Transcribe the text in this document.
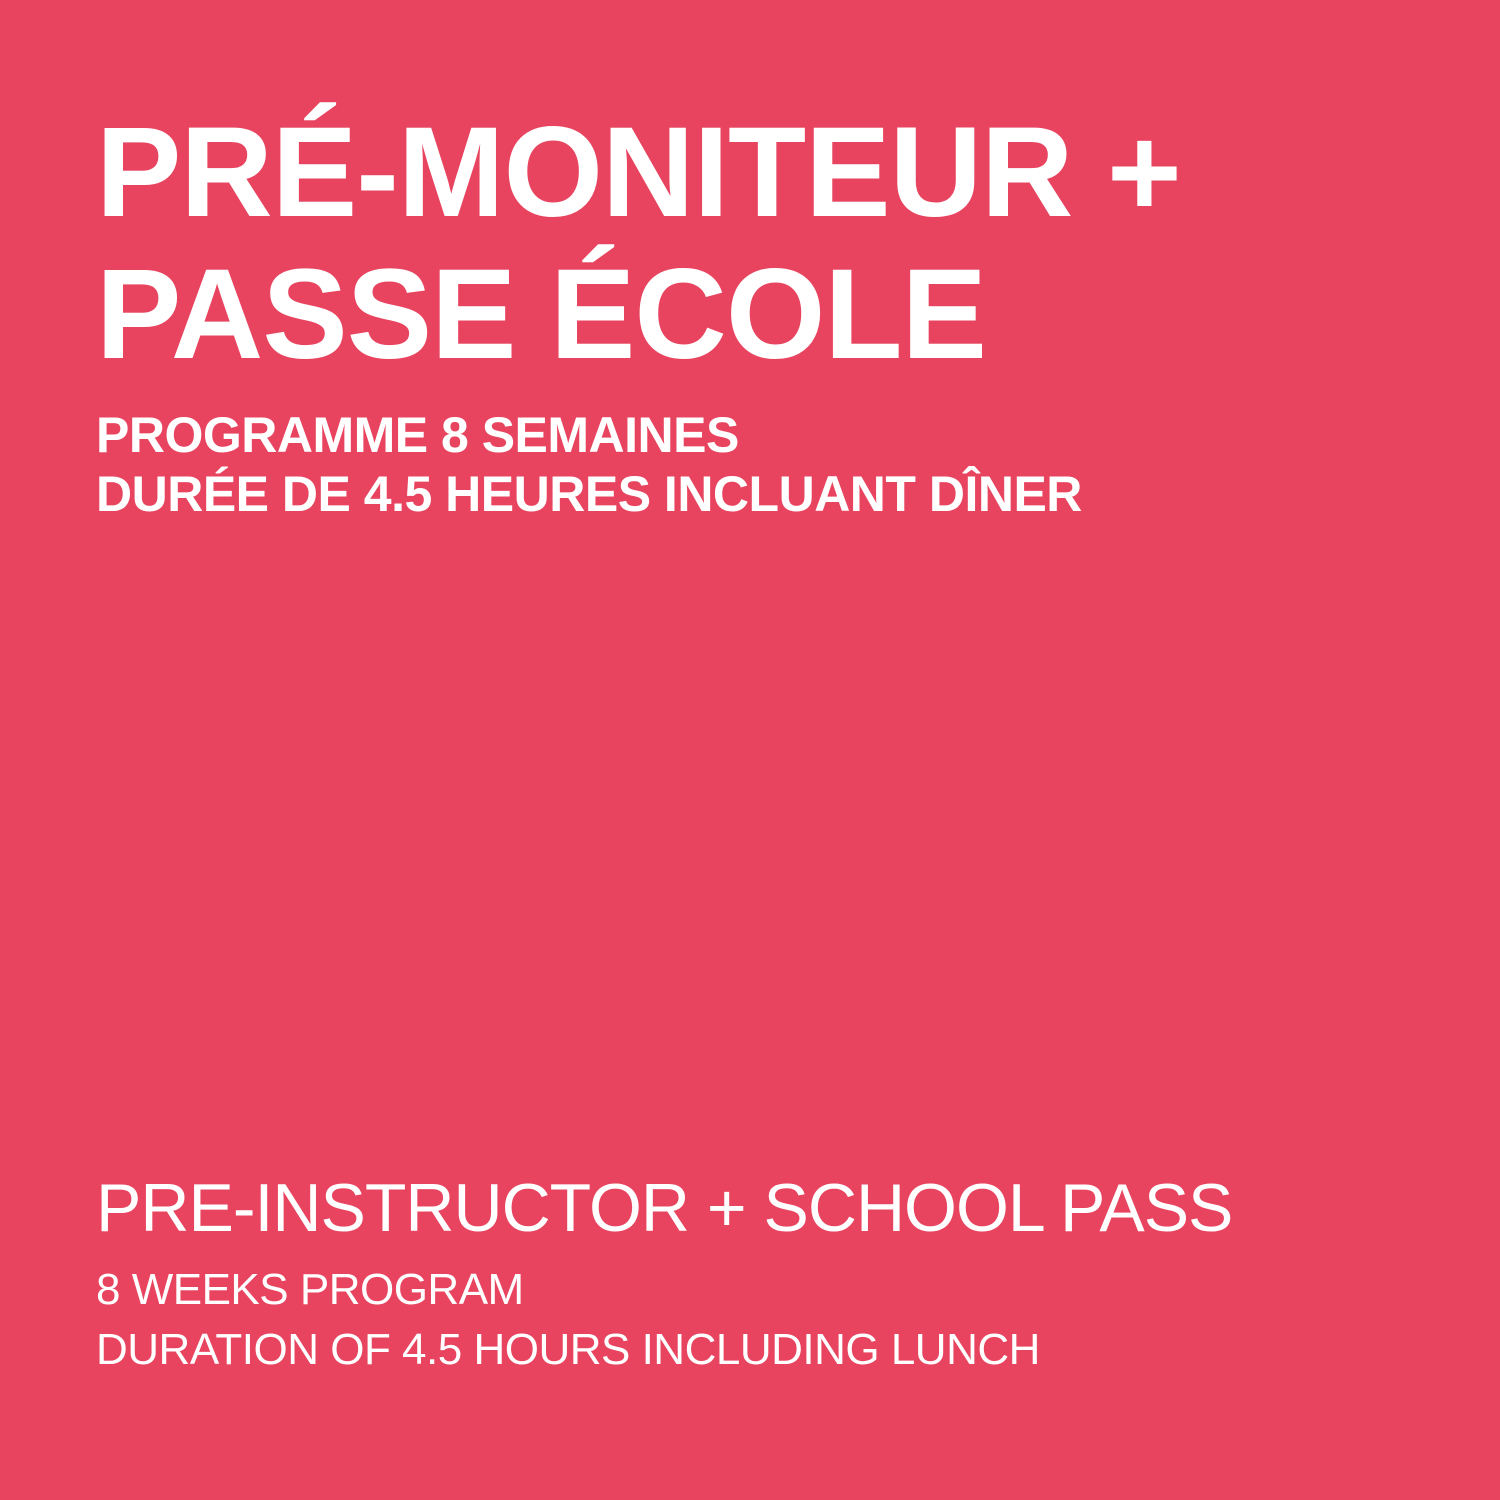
PRÉ-MONITEUR +
PASSE ÉCOLE
PROGRAMME 8 SEMAINES
DURÉE DE 4.5 HEURES INCLUANT DÎNER
PRE-INSTRUCTOR + SCHOOL PASS
8 WEEKS PROGRAM
DURATION OF 4.5 HOURS INCLUDING LUNCH
